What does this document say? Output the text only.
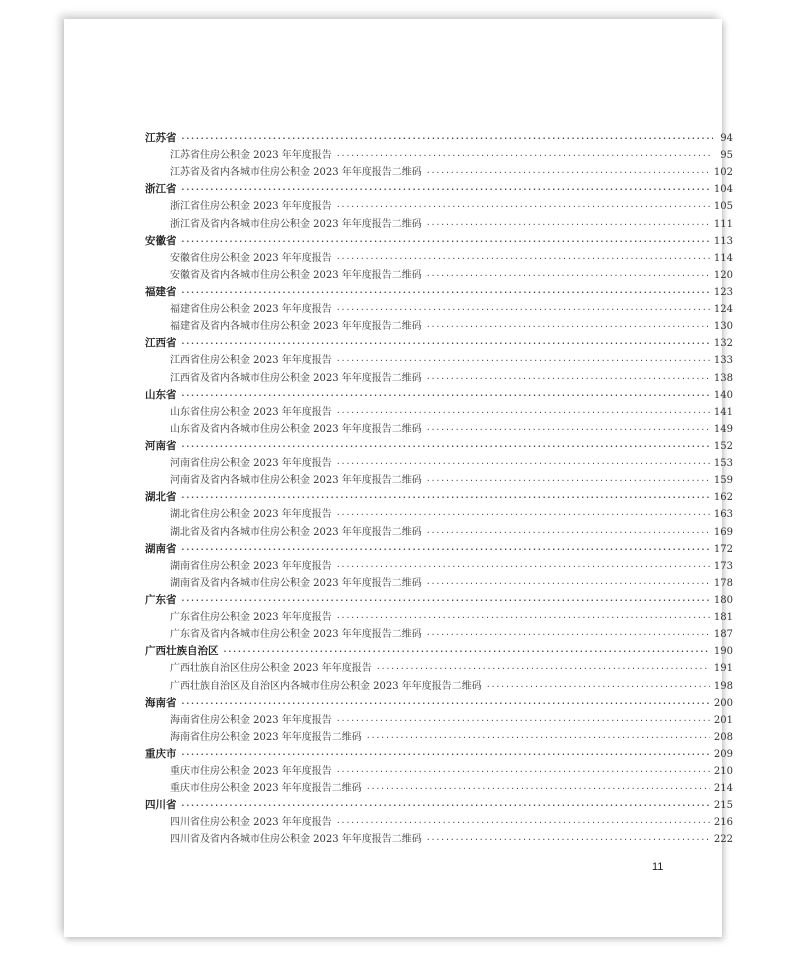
江苏省 ·····	94
江苏省住房公积金 2023 年年度报告 ·····	95
江苏省及省内各城市住房公积金 2023 年年度报告二维码 ·····	102
浙江省 ·····	104
浙江省住房公积金 2023 年年度报告 ·····	105
浙江省及省内各城市住房公积金 2023 年年度报告二维码 ·····	111
安徽省 ·····	113
安徽省住房公积金 2023 年年度报告 ·····	114
安徽省及省内各城市住房公积金 2023 年年度报告二维码 ·····	120
福建省 ·····	123
福建省住房公积金 2023 年年度报告 ·····	124
福建省及省内各城市住房公积金 2023 年年度报告二维码 ·····	130
江西省 ·····	132
江西省住房公积金 2023 年年度报告 ·····	133
江西省及省内各城市住房公积金 2023 年年度报告二维码 ·····	138
山东省 ·····	140
山东省住房公积金 2023 年年度报告 ·····	141
山东省及省内各城市住房公积金 2023 年年度报告二维码 ·····	149
河南省 ·····	152
河南省住房公积金 2023 年年度报告 ·····	153
河南省及省内各城市住房公积金 2023 年年度报告二维码 ·····	159
湖北省 ·····	162
湖北省住房公积金 2023 年年度报告 ·····	163
湖北省及省内各城市住房公积金 2023 年年度报告二维码 ·····	169
湖南省 ·····	172
湖南省住房公积金 2023 年年度报告 ·····	173
湖南省及省内各城市住房公积金 2023 年年度报告二维码 ·····	178
广东省 ·····	180
广东省住房公积金 2023 年年度报告 ·····	181
广东省及省内各城市住房公积金 2023 年年度报告二维码 ·····	187
广西壮族自治区 ·····	190
广西壮族自治区住房公积金 2023 年年度报告 ·····	191
广西壮族自治区及自治区内各城市住房公积金 2023 年年度报告二维码 ·····	198
海南省 ·····	200
海南省住房公积金 2023 年年度报告 ·····	201
海南省住房公积金 2023 年年度报告二维码 ·····	208
重庆市 ·····	209
重庆市住房公积金 2023 年年度报告 ·····	210
重庆市住房公积金 2023 年年度报告二维码 ·····	214
四川省 ·····	215
四川省住房公积金 2023 年年度报告 ·····	216
四川省及省内各城市住房公积金 2023 年年度报告二维码 ·····	222
11
